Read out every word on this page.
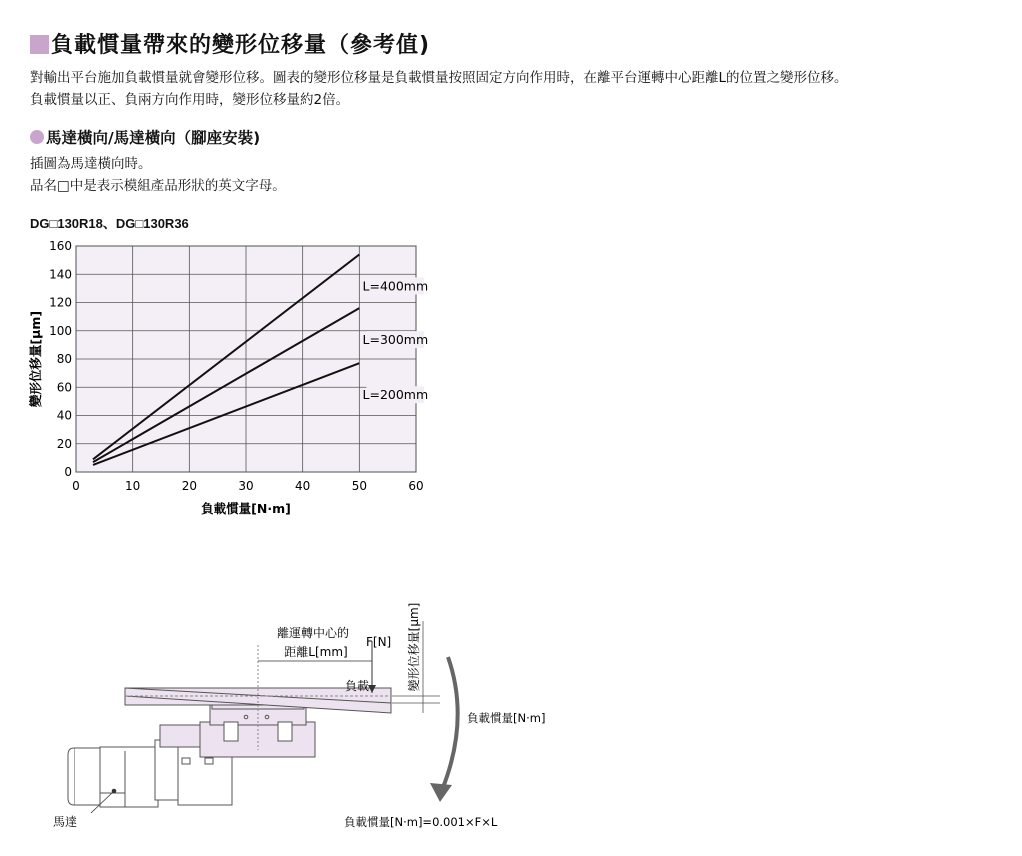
負載慣量帶來的變形位移量（參考值)
對輸出平台施加負載慣量就會變形位移。圖表的變形位移量是負載慣量按照固定方向作用時，在離平台運轉中心距離L的位置之變形位移。
負載慣量以正、負兩方向作用時，變形位移量約2倍。
馬達橫向/馬達橫向（腳座安裝)
插圖為馬達橫向時。
品名□中是表示模組產品形狀的英文字母。
DG□130R18、DG□130R36
0
20
40
60
80
100
120
140
160
0	10	20	30	40	50	60
L=400mm
L=300mm
L=200mm
負載慣量[N·m]
變形位移量[µm]
離運轉中心的
距離L[mm]
F[N]
負載	變形位移量[µm]
負載慣量[N·m]
馬達	負載慣量[N·m]=0.001×F×L
